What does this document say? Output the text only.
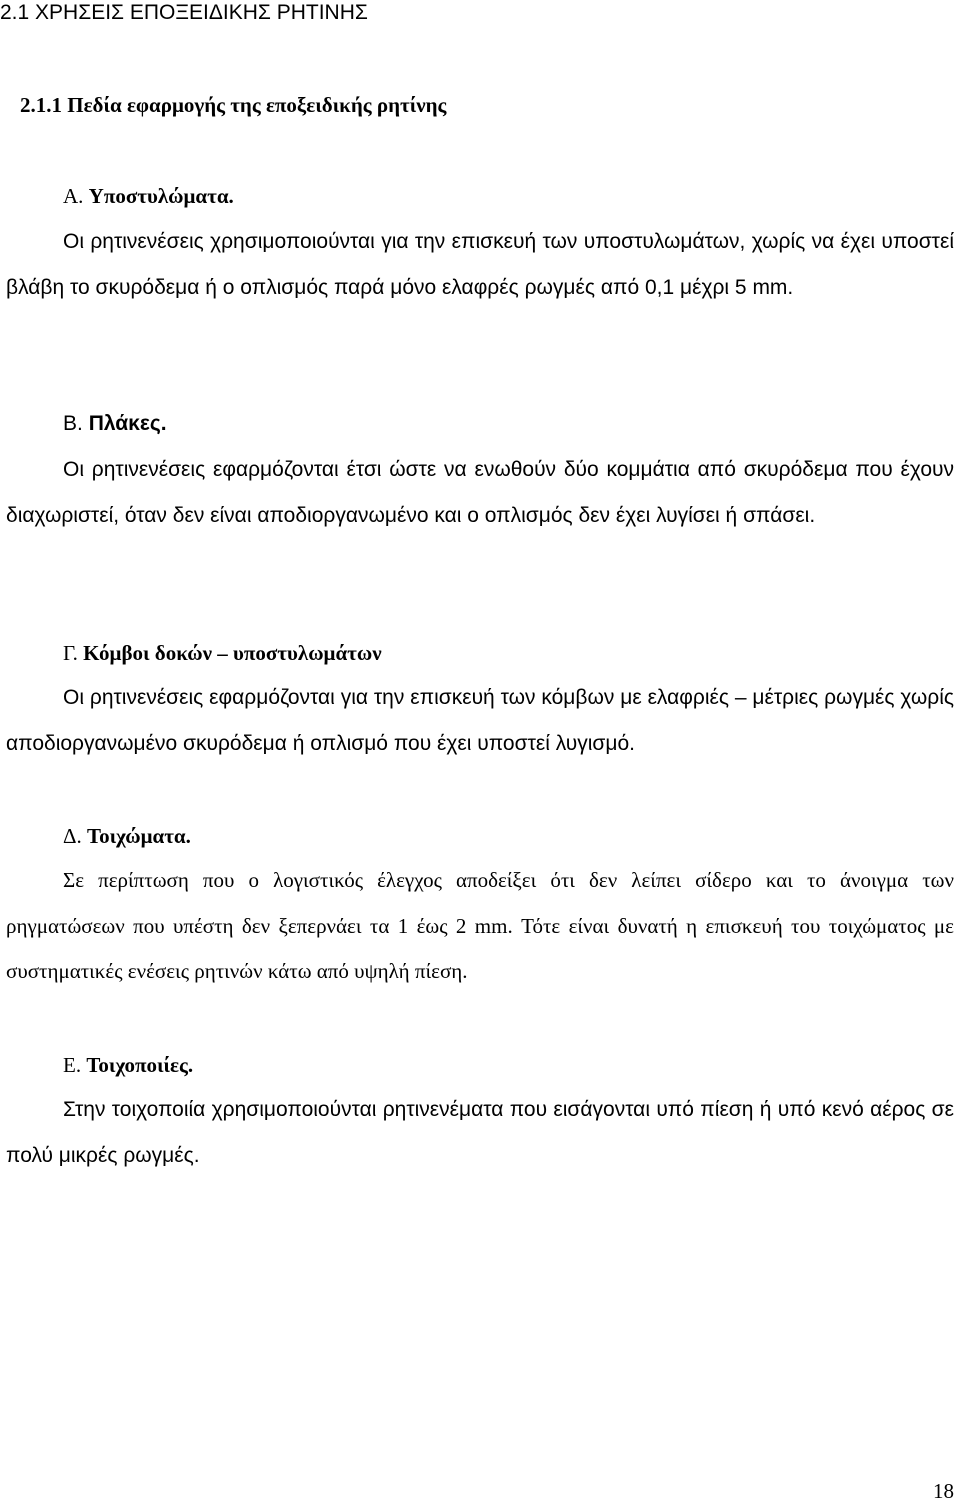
2.1 ΧΡΗΣΕΙΣ ΕΠΟΞΕΙΔΙΚΗΣ ΡΗΤΙΝΗΣ
2.1.1 Πεδία εφαρμογής της εποξειδικής ρητίνης
Α. Υποστυλώματα.

Οι ρητινενέσεις χρησιμοποιούνται για την επισκευή των υποστυλωμάτων, χωρίς να έχει υποστεί βλάβη το σκυρόδεμα ή ο οπλισμός παρά μόνο ελαφρές ρωγμές από 0,1 μέχρι 5 mm.

Β. Πλάκες.

Οι ρητινενέσεις εφαρμόζονται έτσι ώστε να ενωθούν δύο κομμάτια από σκυρόδεμα που έχουν διαχωριστεί, όταν δεν είναι αποδιοργανωμένο και ο οπλισμός δεν έχει λυγίσει ή σπάσει.

Γ. Κόμβοι δοκών – υποστυλωμάτων

Οι ρητινενέσεις εφαρμόζονται για την επισκευή των κόμβων με ελαφριές – μέτριες ρωγμές χωρίς αποδιοργανωμένο σκυρόδεμα ή οπλισμό που έχει υποστεί λυγισμό.

Δ. Τοιχώματα.

Σε περίπτωση που ο λογιστικός έλεγχος αποδείξει ότι δεν λείπει σίδερο και το άνοιγμα των ρηγματώσεων που υπέστη δεν ξεπερνάει τα 1 έως 2 mm. Τότε είναι δυνατή η επισκευή του τοιχώματος με συστηματικές ενέσεις ρητινών κάτω από υψηλή πίεση.

Ε. Τοιχοποιίες.

Στην τοιχοποιία χρησιμοποιούνται ρητινενέματα που εισάγονται υπό πίεση ή υπό κενό αέρος σε πολύ μικρές ρωγμές.

18
